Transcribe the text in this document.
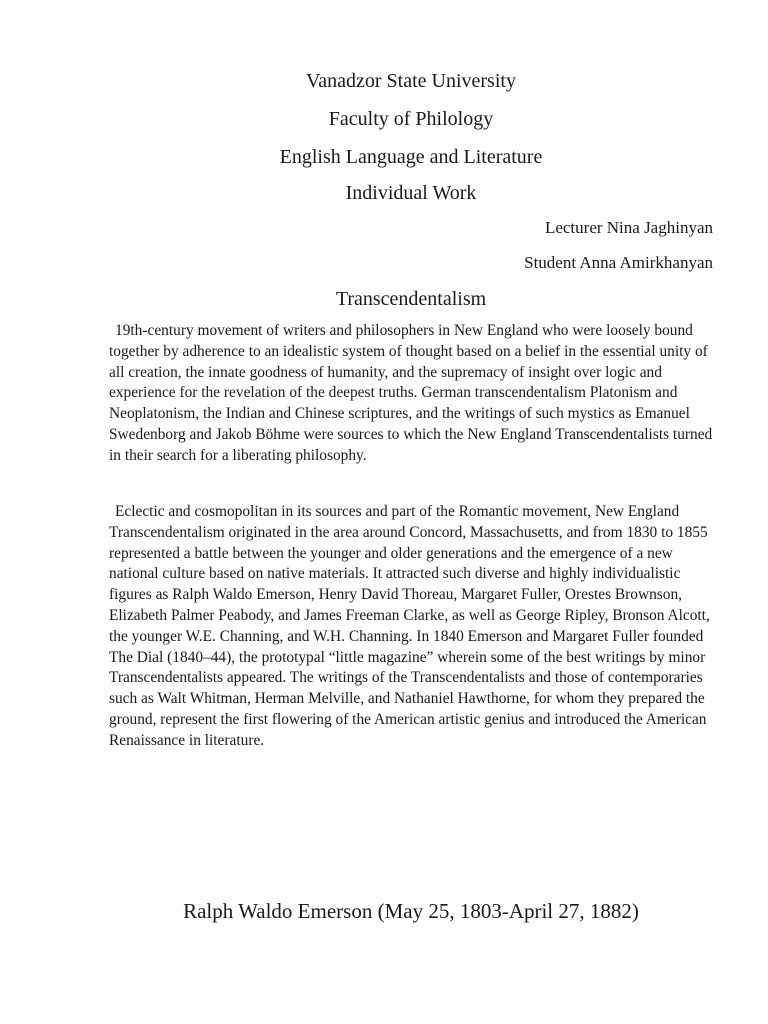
Vanadzor State University
Faculty of Philology
English Language and Literature
Individual Work
Lecturer Nina Jaghinyan
Student Anna Amirkhanyan
Transcendentalism
19th-century movement of writers and philosophers in New England who were loosely bound together by adherence to an idealistic system of thought based on a belief in the essential unity of all creation, the innate goodness of humanity, and the supremacy of insight over logic and experience for the revelation of the deepest truths. German transcendentalism Platonism and Neoplatonism, the Indian and Chinese scriptures, and the writings of such mystics as Emanuel Swedenborg and Jakob Böhme were sources to which the New England Transcendentalists turned in their search for a liberating philosophy.
Eclectic and cosmopolitan in its sources and part of the Romantic movement, New England Transcendentalism originated in the area around Concord, Massachusetts, and from 1830 to 1855 represented a battle between the younger and older generations and the emergence of a new national culture based on native materials. It attracted such diverse and highly individualistic figures as Ralph Waldo Emerson, Henry David Thoreau, Margaret Fuller, Orestes Brownson, Elizabeth Palmer Peabody, and James Freeman Clarke, as well as George Ripley, Bronson Alcott, the younger W.E. Channing, and W.H. Channing. In 1840 Emerson and Margaret Fuller founded The Dial (1840–44), the prototypal “little magazine” wherein some of the best writings by minor Transcendentalists appeared. The writings of the Transcendentalists and those of contemporaries such as Walt Whitman, Herman Melville, and Nathaniel Hawthorne, for whom they prepared the ground, represent the first flowering of the American artistic genius and introduced the American Renaissance in literature.
Ralph Waldo Emerson (May 25, 1803-April 27, 1882)
